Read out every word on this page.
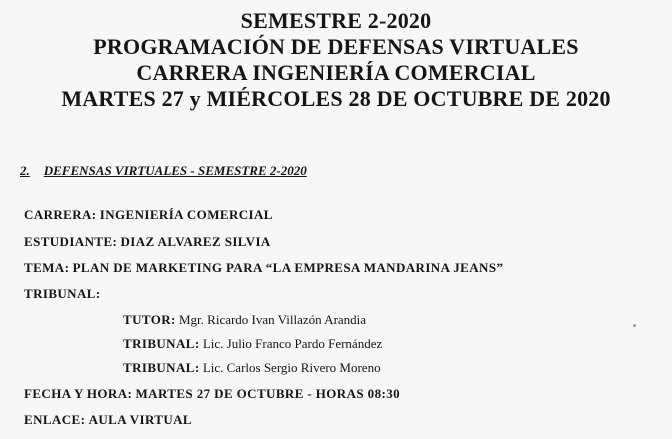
SEMESTRE 2-2020
PROGRAMACIÓN DE DEFENSAS VIRTUALES
CARRERA INGENIERÍA COMERCIAL
MARTES 27 y MIÉRCOLES 28 DE OCTUBRE DE 2020
2. DEFENSAS VIRTUALES - SEMESTRE 2-2020
CARRERA: INGENIERÍA COMERCIAL
ESTUDIANTE: DIAZ ALVAREZ SILVIA
TEMA: PLAN DE MARKETING PARA “LA EMPRESA MANDARINA JEANS”
TRIBUNAL:
TUTOR: Mgr. Ricardo Ivan Villazón Arandia
TRIBUNAL: Lic. Julio Franco Pardo Fernández
TRIBUNAL: Lic. Carlos Sergio Rivero Moreno
FECHA Y HORA: MARTES 27 DE OCTUBRE - HORAS 08:30
ENLACE: AULA VIRTUAL
